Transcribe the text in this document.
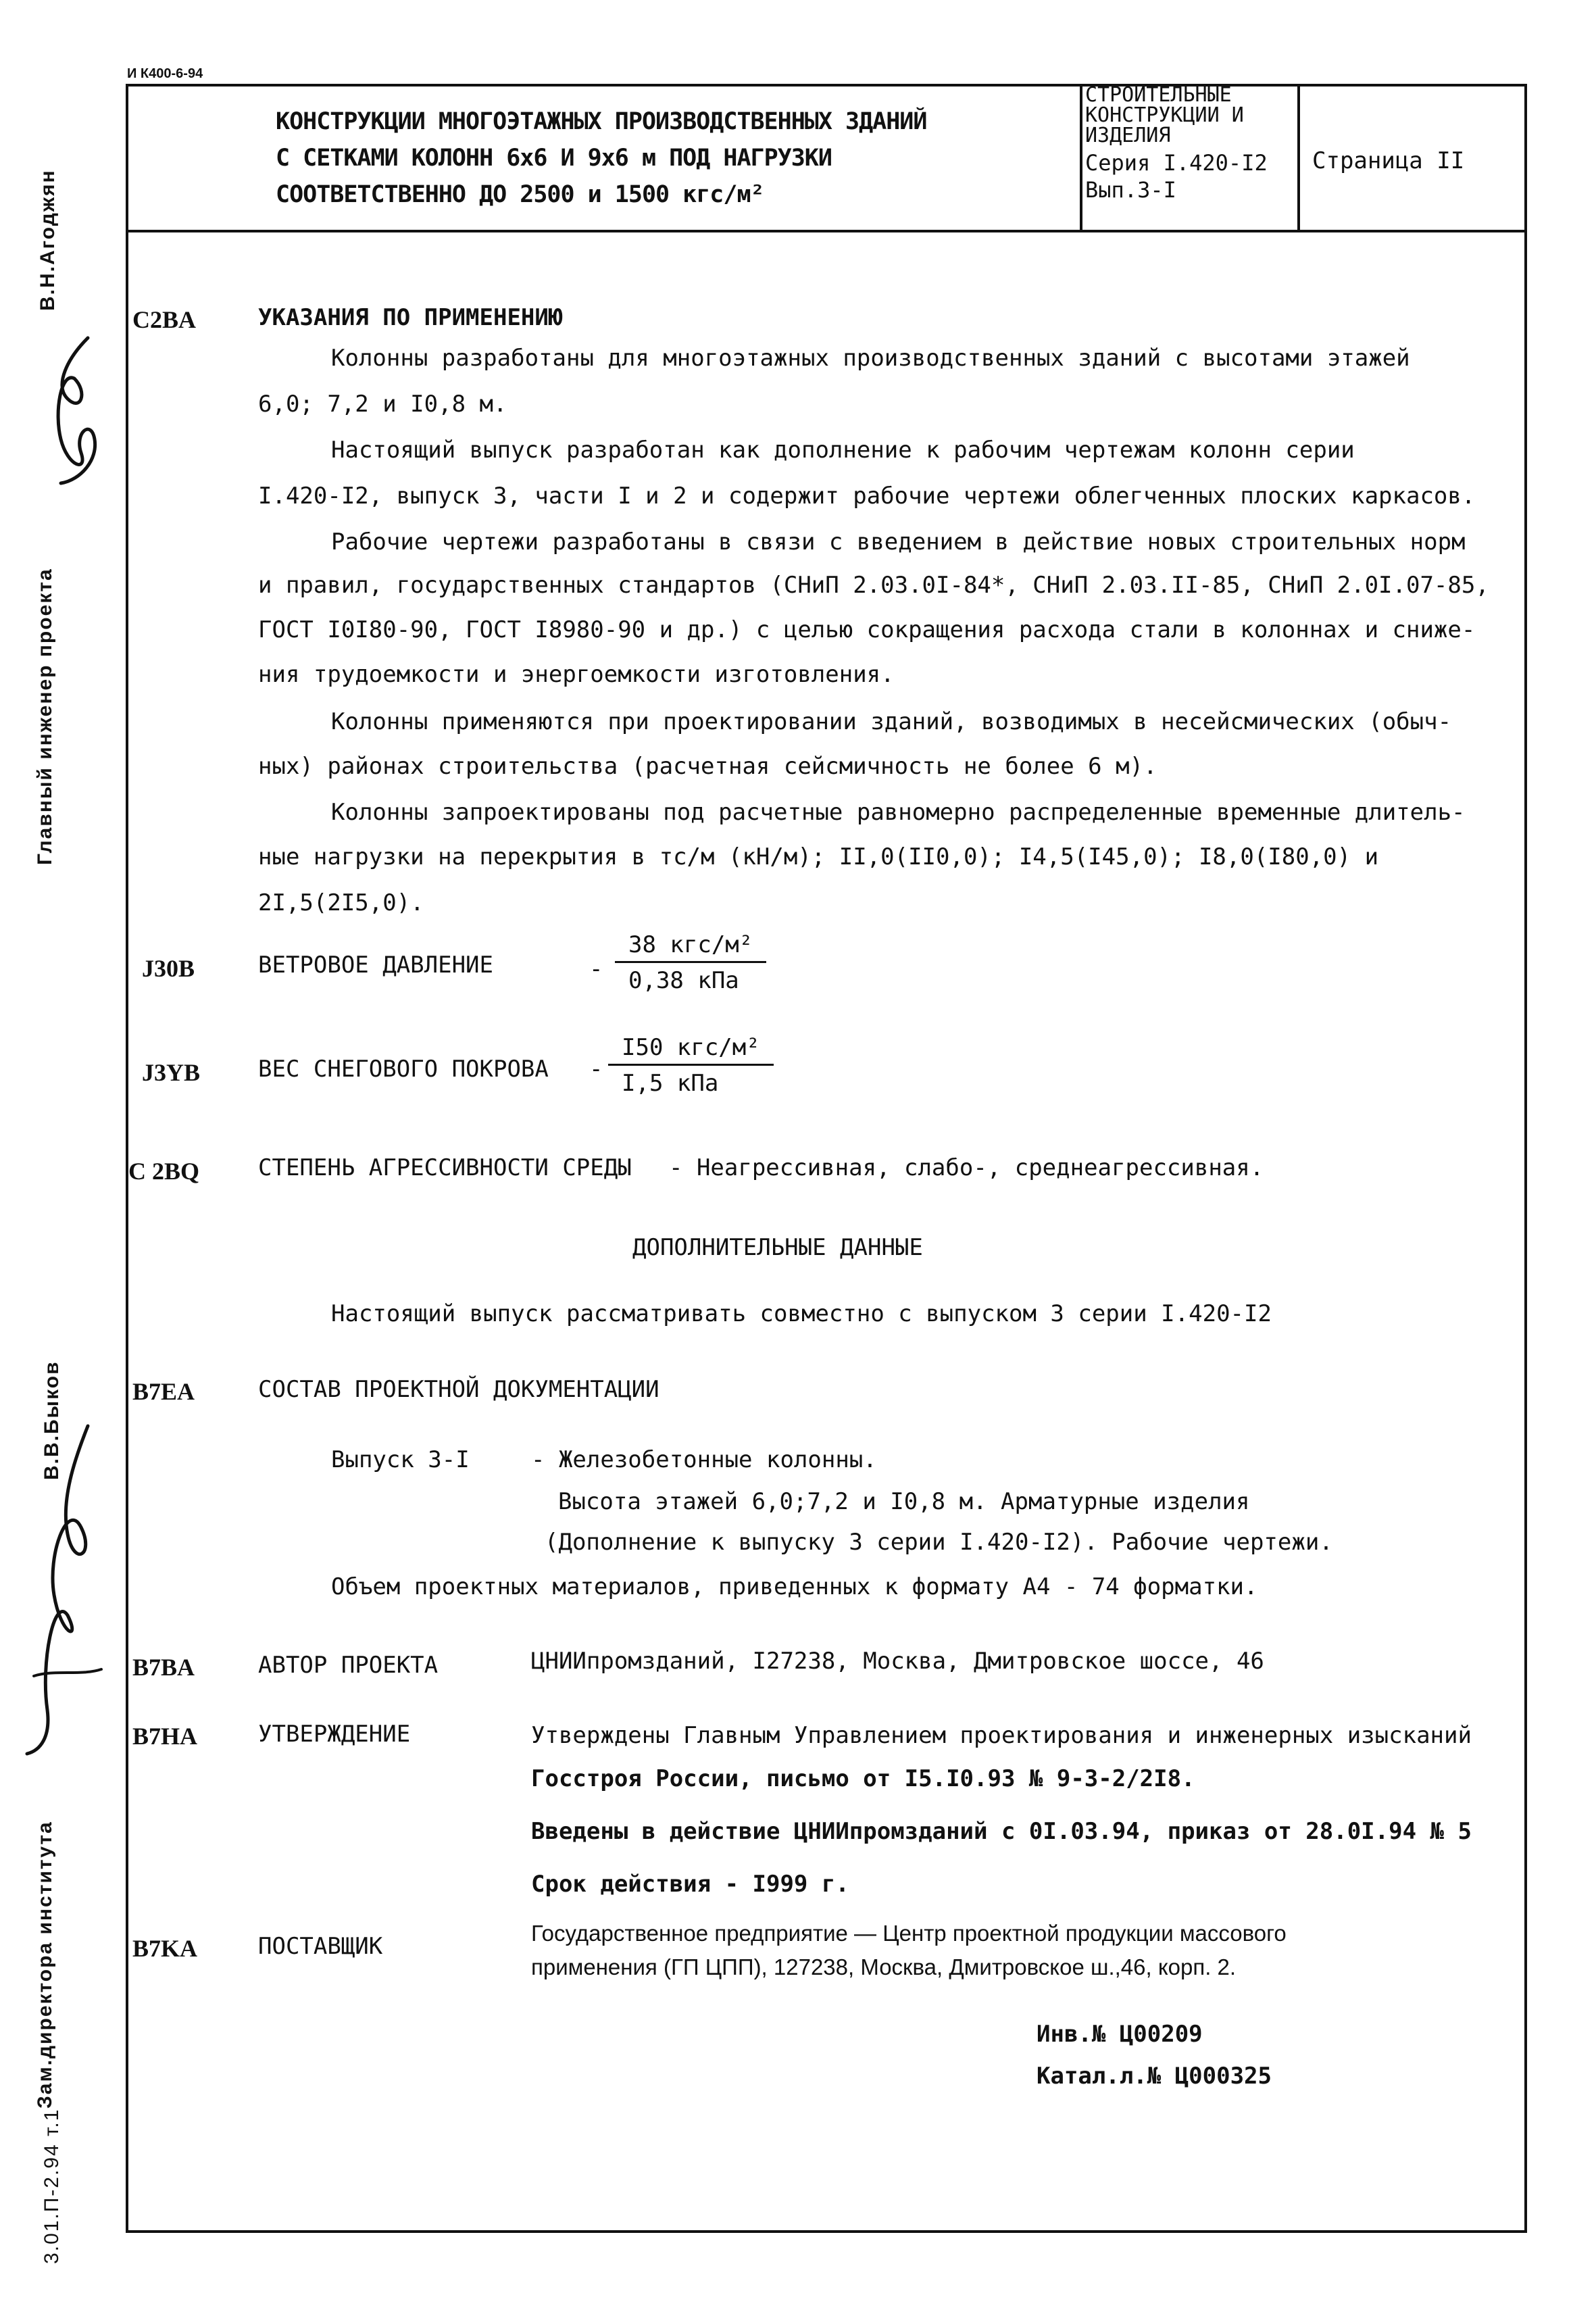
И К400-6-94
КОНСТРУКЦИИ МНОГОЭТАЖНЫХ ПРОИЗВОДСТВЕННЫХ ЗДАНИЙ
С СЕТКАМИ КОЛОНН 6х6 И 9х6 м ПОД НАГРУЗКИ
СООТВЕТСТВЕННО ДО 2500 и 1500 кгс/м²
СТРОИТЕЛЬНЫЕ
КОНСТРУКЦИИ И
ИЗДЕЛИЯ
Серия I.420-I2
Вып.3-I
Страница II
В.Н.Агоджян
Главный инженер проекта
В.В.Быков
Зам.директора института
3.01.П-2.94 т.1
C2BA	УКАЗАНИЯ ПО ПРИМЕНЕНИЮ
Колонны разработаны для многоэтажных производственных зданий с высотами этажей
6,0; 7,2 и I0,8 м.
Настоящий выпуск разработан как дополнение к рабочим чертежам колонн серии
I.420-I2, выпуск 3, части I и 2 и содержит рабочие чертежи облегченных плоских каркасов.
Рабочие чертежи разработаны в связи с введением в действие новых строительных норм
и правил, государственных стандартов (СНиП 2.03.0I-84*, СНиП 2.03.II-85, СНиП 2.0I.07-85,
ГОСТ I0I80-90, ГОСТ I8980-90 и др.) с целью сокращения расхода стали в колоннах и сниже-
ния трудоемкости и энергоемкости изготовления.
Колонны применяются при проектировании зданий, возводимых в несейсмических (обыч-
ных) районах строительства (расчетная сейсмичность не более 6 м).
Колонны запроектированы под расчетные равномерно распределенные временные длитель-
ные нагрузки на перекрытия в тс/м (кН/м); II,0(II0,0); I4,5(I45,0); I8,0(I80,0) и
2I,5(2I5,0).
J30B	ВЕТРОВОЕ ДАВЛЕНИЕ	-
38 кгс/м²
0,38 кПа
J3YB	ВЕС СНЕГОВОГО ПОКРОВА -
I50 кгс/м²
I,5 кПа
C 2BQ	СТЕПЕНЬ АГРЕССИВНОСТИ СРЕДЫ - Неагрессивная, слабо-, среднеагрессивная.
ДОПОЛНИТЕЛЬНЫЕ ДАННЫЕ
Настоящий выпуск рассматривать совместно с выпуском 3 серии I.420-I2
B7EA	СОСТАВ ПРОЕКТНОЙ ДОКУМЕНТАЦИИ
Выпуск 3-I	- Железобетонные колонны.
Высота этажей 6,0;7,2 и I0,8 м. Арматурные изделия
(Дополнение к выпуску 3 серии I.420-I2). Рабочие чертежи.
Объем проектных материалов, приведенных к формату А4 - 74 форматки.
B7BA	АВТОР ПРОЕКТА	ЦНИИпромзданий, I27238, Москва, Дмитровское шоссе, 46
B7HA	УТВЕРЖДЕНИЕ	Утверждены Главным Управлением проектирования и инженерных изысканий
Госстроя России, письмо от I5.I0.93 № 9-3-2/2I8.
Введены в действие ЦНИИпромзданий с 0I.03.94, приказ от 28.0I.94 № 5
Срок действия - I999 г.
B7KA	ПОСТАВЩИК	Государственное предприятие — Центр проектной продукции массового
применения (ГП ЦПП), 127238, Москва, Дмитровское ш.,46, корп. 2.
Инв.№ Ц00209
Катал.л.№ Ц000325
